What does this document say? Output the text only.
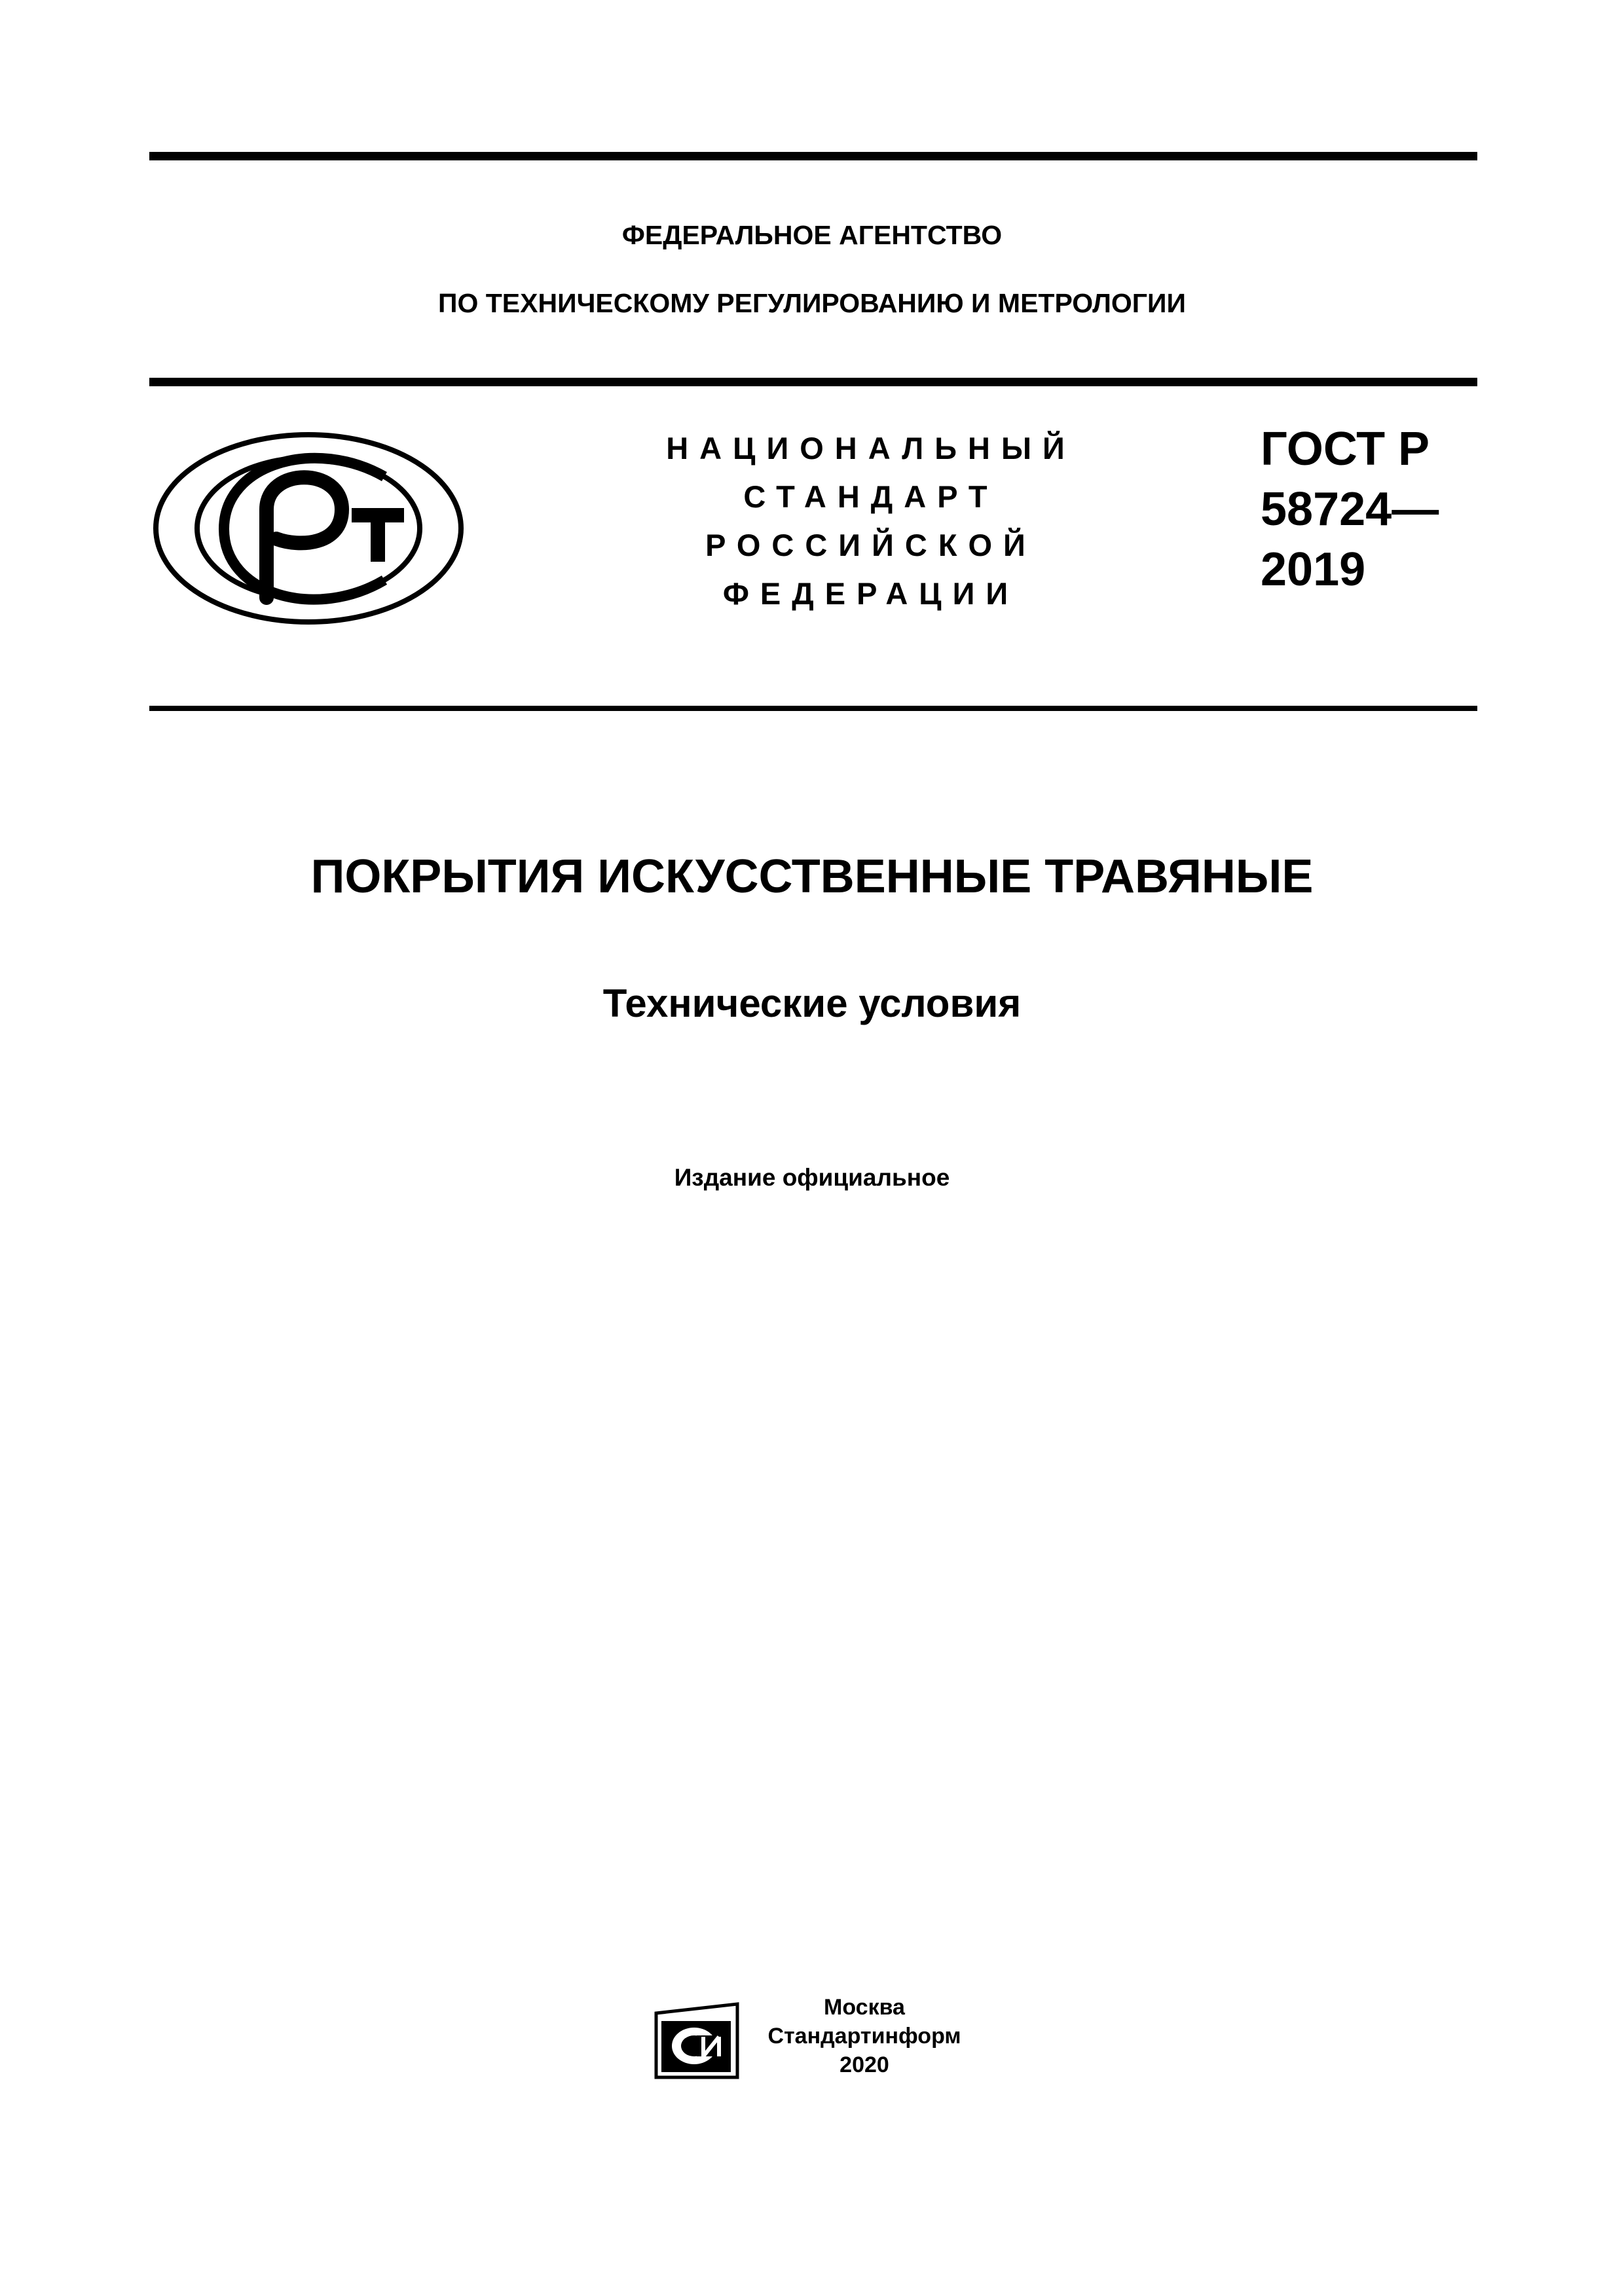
ФЕДЕРАЛЬНОЕ АГЕНТСТВО
ПО ТЕХНИЧЕСКОМУ РЕГУЛИРОВАНИЮ И МЕТРОЛОГИИ
НАЦИОНАЛЬНЫЙ
СТАНДАРТ
РОССИЙСКОЙ
ФЕДЕРАЦИИ
ГОСТ Р
58724—
2019
ПОКРЫТИЯ ИСКУССТВЕННЫЕ ТРАВЯНЫЕ
Технические условия
Издание официальное
Москва
Стандартинформ
2020
